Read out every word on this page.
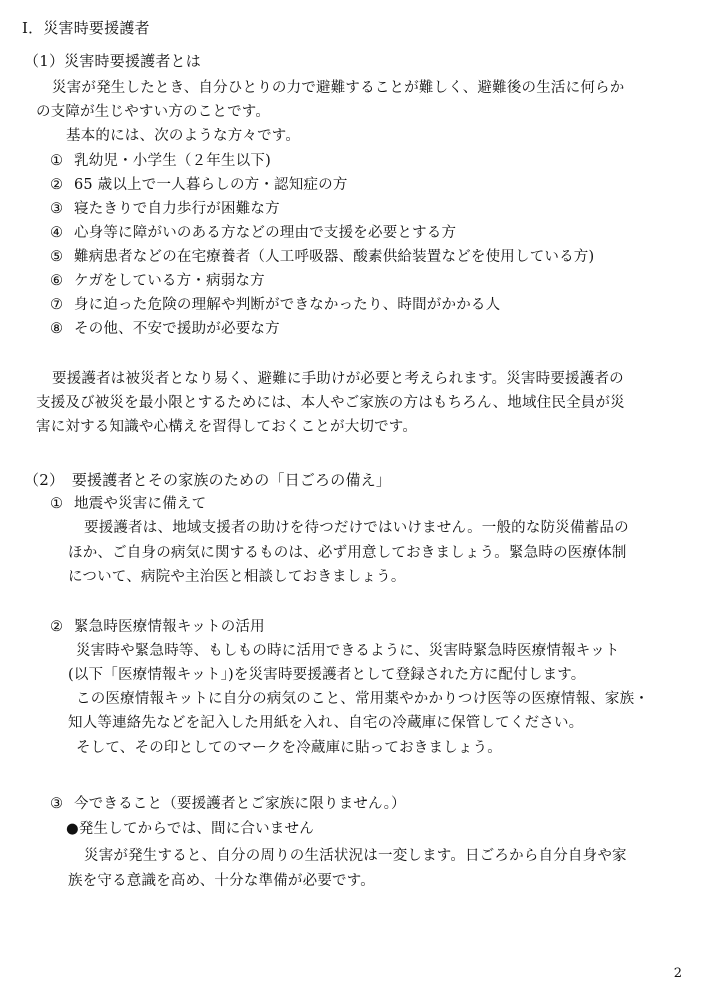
Ⅰ．災害時要援護者
（1）災害時要援護者とは
災害が発生したとき、自分ひとりの力で避難することが難しく、避難後の生活に何らか
の支障が生じやすい方のことです。
基本的には、次のような方々です。
① 乳幼児・小学生（２年生以下)
② 65 歳以上で一人暮らしの方・認知症の方
③ 寝たきりで自力歩行が困難な方
④ 心身等に障がいのある方などの理由で支援を必要とする方
⑤ 難病患者などの在宅療養者（人工呼吸器、酸素供給装置などを使用している方)
⑥ ケガをしている方・病弱な方
⑦ 身に迫った危険の理解や判断ができなかったり、時間がかかる人
⑧ その他、不安で援助が必要な方
要援護者は被災者となり易く、避難に手助けが必要と考えられます。災害時要援護者の
支援及び被災を最小限とするためには、本人やご家族の方はもちろん、地域住民全員が災
害に対する知識や心構えを習得しておくことが大切です。
（2）　要援護者とその家族のための「日ごろの備え」
① 地震や災害に備えて
要援護者は、地域支援者の助けを待つだけではいけません。一般的な防災備蓄品の
ほか、ご自身の病気に関するものは、必ず用意しておきましょう。緊急時の医療体制
について、病院や主治医と相談しておきましょう。
② 緊急時医療情報キットの活用
災害時や緊急時等、もしもの時に活用できるように、災害時緊急時医療情報キット
(以下「医療情報キット」)を災害時要援護者として登録された方に配付します。
この医療情報キットに自分の病気のこと、常用薬やかかりつけ医等の医療情報、家族・
知人等連絡先などを記入した用紙を入れ、自宅の冷蔵庫に保管してください。
そして、その印としてのマークを冷蔵庫に貼っておきましょう。
③ 今できること（要援護者とご家族に限りません。）
●発生してからでは、間に合いません
災害が発生すると、自分の周りの生活状況は一変します。日ごろから自分自身や家
族を守る意識を高め、十分な準備が必要です。
2
